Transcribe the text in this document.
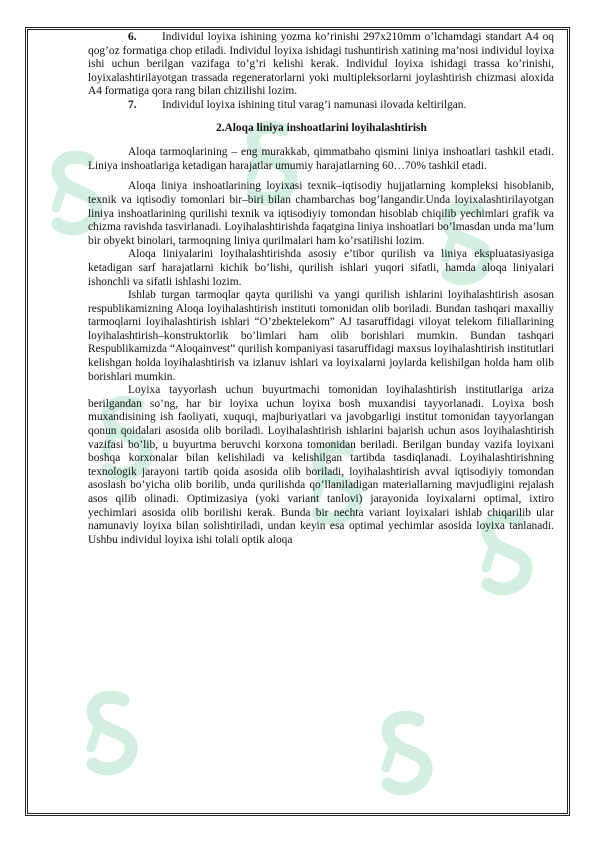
6. Individul loyixa ishining yozma ko’rinishi 297x210mm o’lchamdagi standart A4 oq qog’oz formatiga chop etiladi. Individul loyixa ishidagi tushuntirish xatining ma’nosi individul loyixa ishi uchun berilgan vazifaga to’g’ri kelishi kerak. Individul loyixa ishidagi trassa ko’rinishi, loyixalashtirilayotgan trassada regeneratorlarni yoki multipleksorlarni joylashtirish chizmasi aloxida A4 formatiga qora rang bilan chizilishi lozim.

7. Individul loyixa ishining titul varag’i namunasi ilovada keltirilgan.

2.Aloqa liniya inshoatlarini loyihalashtirish

Aloqa tarmoqlarining – eng murakkab, qimmatbaho qismini liniya inshoatlari tashkil etadi. Liniya inshoatlariga ketadigan harajatlar umumiy harajatlarning 60…70% tashkil etadi.

Aloqa liniya inshoatlarining loyixasi texnik–iqtisodiy hujjatlarning kompleksi hisoblanib, texnik va iqtisodiy tomonlari bir–biri bilan chambarchas bog’langandir.Unda loyixalashtirilayotgan liniya inshoatlarining qurilishi texnik va iqtisodiyiy tomondan hisoblab chiqilib yechimlari grafik va chizma ravishda tasvirlanadi. Loyihalashtirishda faqatgina liniya inshoatlari bo’lmasdan unda ma’lum bir obyekt binolari, tarmoqning liniya qurilmalari ham ko’rsatilishi lozim.

Aloqa liniyalarini loyihalashtirishda asosiy e’tibor qurilish va liniya ekspluatasiyasiga ketadigan sarf harajatlarni kichik bo’lishi, qurilish ishlari yuqori sifatli, hamda aloqa liniyalari ishonchli va sifatli ishlashi lozim.

Ishlab turgan tarmoqlar qayta qurilishi va yangi qurilish ishlarini loyihalashtirish asosan respublikamizning Aloqa loyihalashtirish instituti tomonidan olib boriladi. Bundan tashqari maxalliy tarmoqlarni loyihalashtirish ishlari “O’zbektelekom” AJ tasaruffidagi viloyat telekom filiallarining loyihalashtirish–konstruktorlik bo’limlari ham olib borishlari mumkin. Bundan tashqari Respublikamizda “Aloqainvest” qurilish kompaniyasi tasaruffidagi maxsus loyihalashtirish institutlari kelishgan holda loyihalashtirish va izlanuv ishlari va loyixalarni joylarda kelishilgan holda ham olib borishlari mumkin.

Loyixa tayyorlash uchun buyurtmachi tomonidan loyihalashtirish institutlariga ariza berilgandan so’ng, har bir loyixa uchun loyixa bosh muxandisi tayyorlanadi. Loyixa bosh muxandisining ish faoliyati, xuquqi, majburiyatlari va javobgarligi institut tomonidan tayyorlangan qonun qoidalari asosida olib boriladi. Loyihalashtirish ishlarini bajarish uchun asos loyihalashtirish vazifasi bo’lib, u buyurtma beruvchi korxona tomonidan beriladi. Berilgan bunday vazifa loyixani boshqa korxonalar bilan kelishiladi va kelishilgan tartibda tasdiqlanadi. Loyihalashtirishning texnologik jarayoni tartib qoida asosida olib boriladi, loyihalashtirish avval iqtisodiyiy tomondan asoslash bo’yicha olib borilib, unda qurilishda qo’llaniladigan materiallarning mavjudligini rejalash asos qilib olinadi. Optimizasiya (yoki variant tanlovi) jarayonida loyixalarni optimal, ixtiro yechimlari asosida olib borilishi kerak. Bunda bir nechta variant loyixalari ishlab chiqarilib ular namunaviy loyixa bilan solishtiriladi, undan keyin esa optimal yechimlar asosida loyixa tanlanadi. Ushbu individul loyixa ishi tolali optik aloqa
